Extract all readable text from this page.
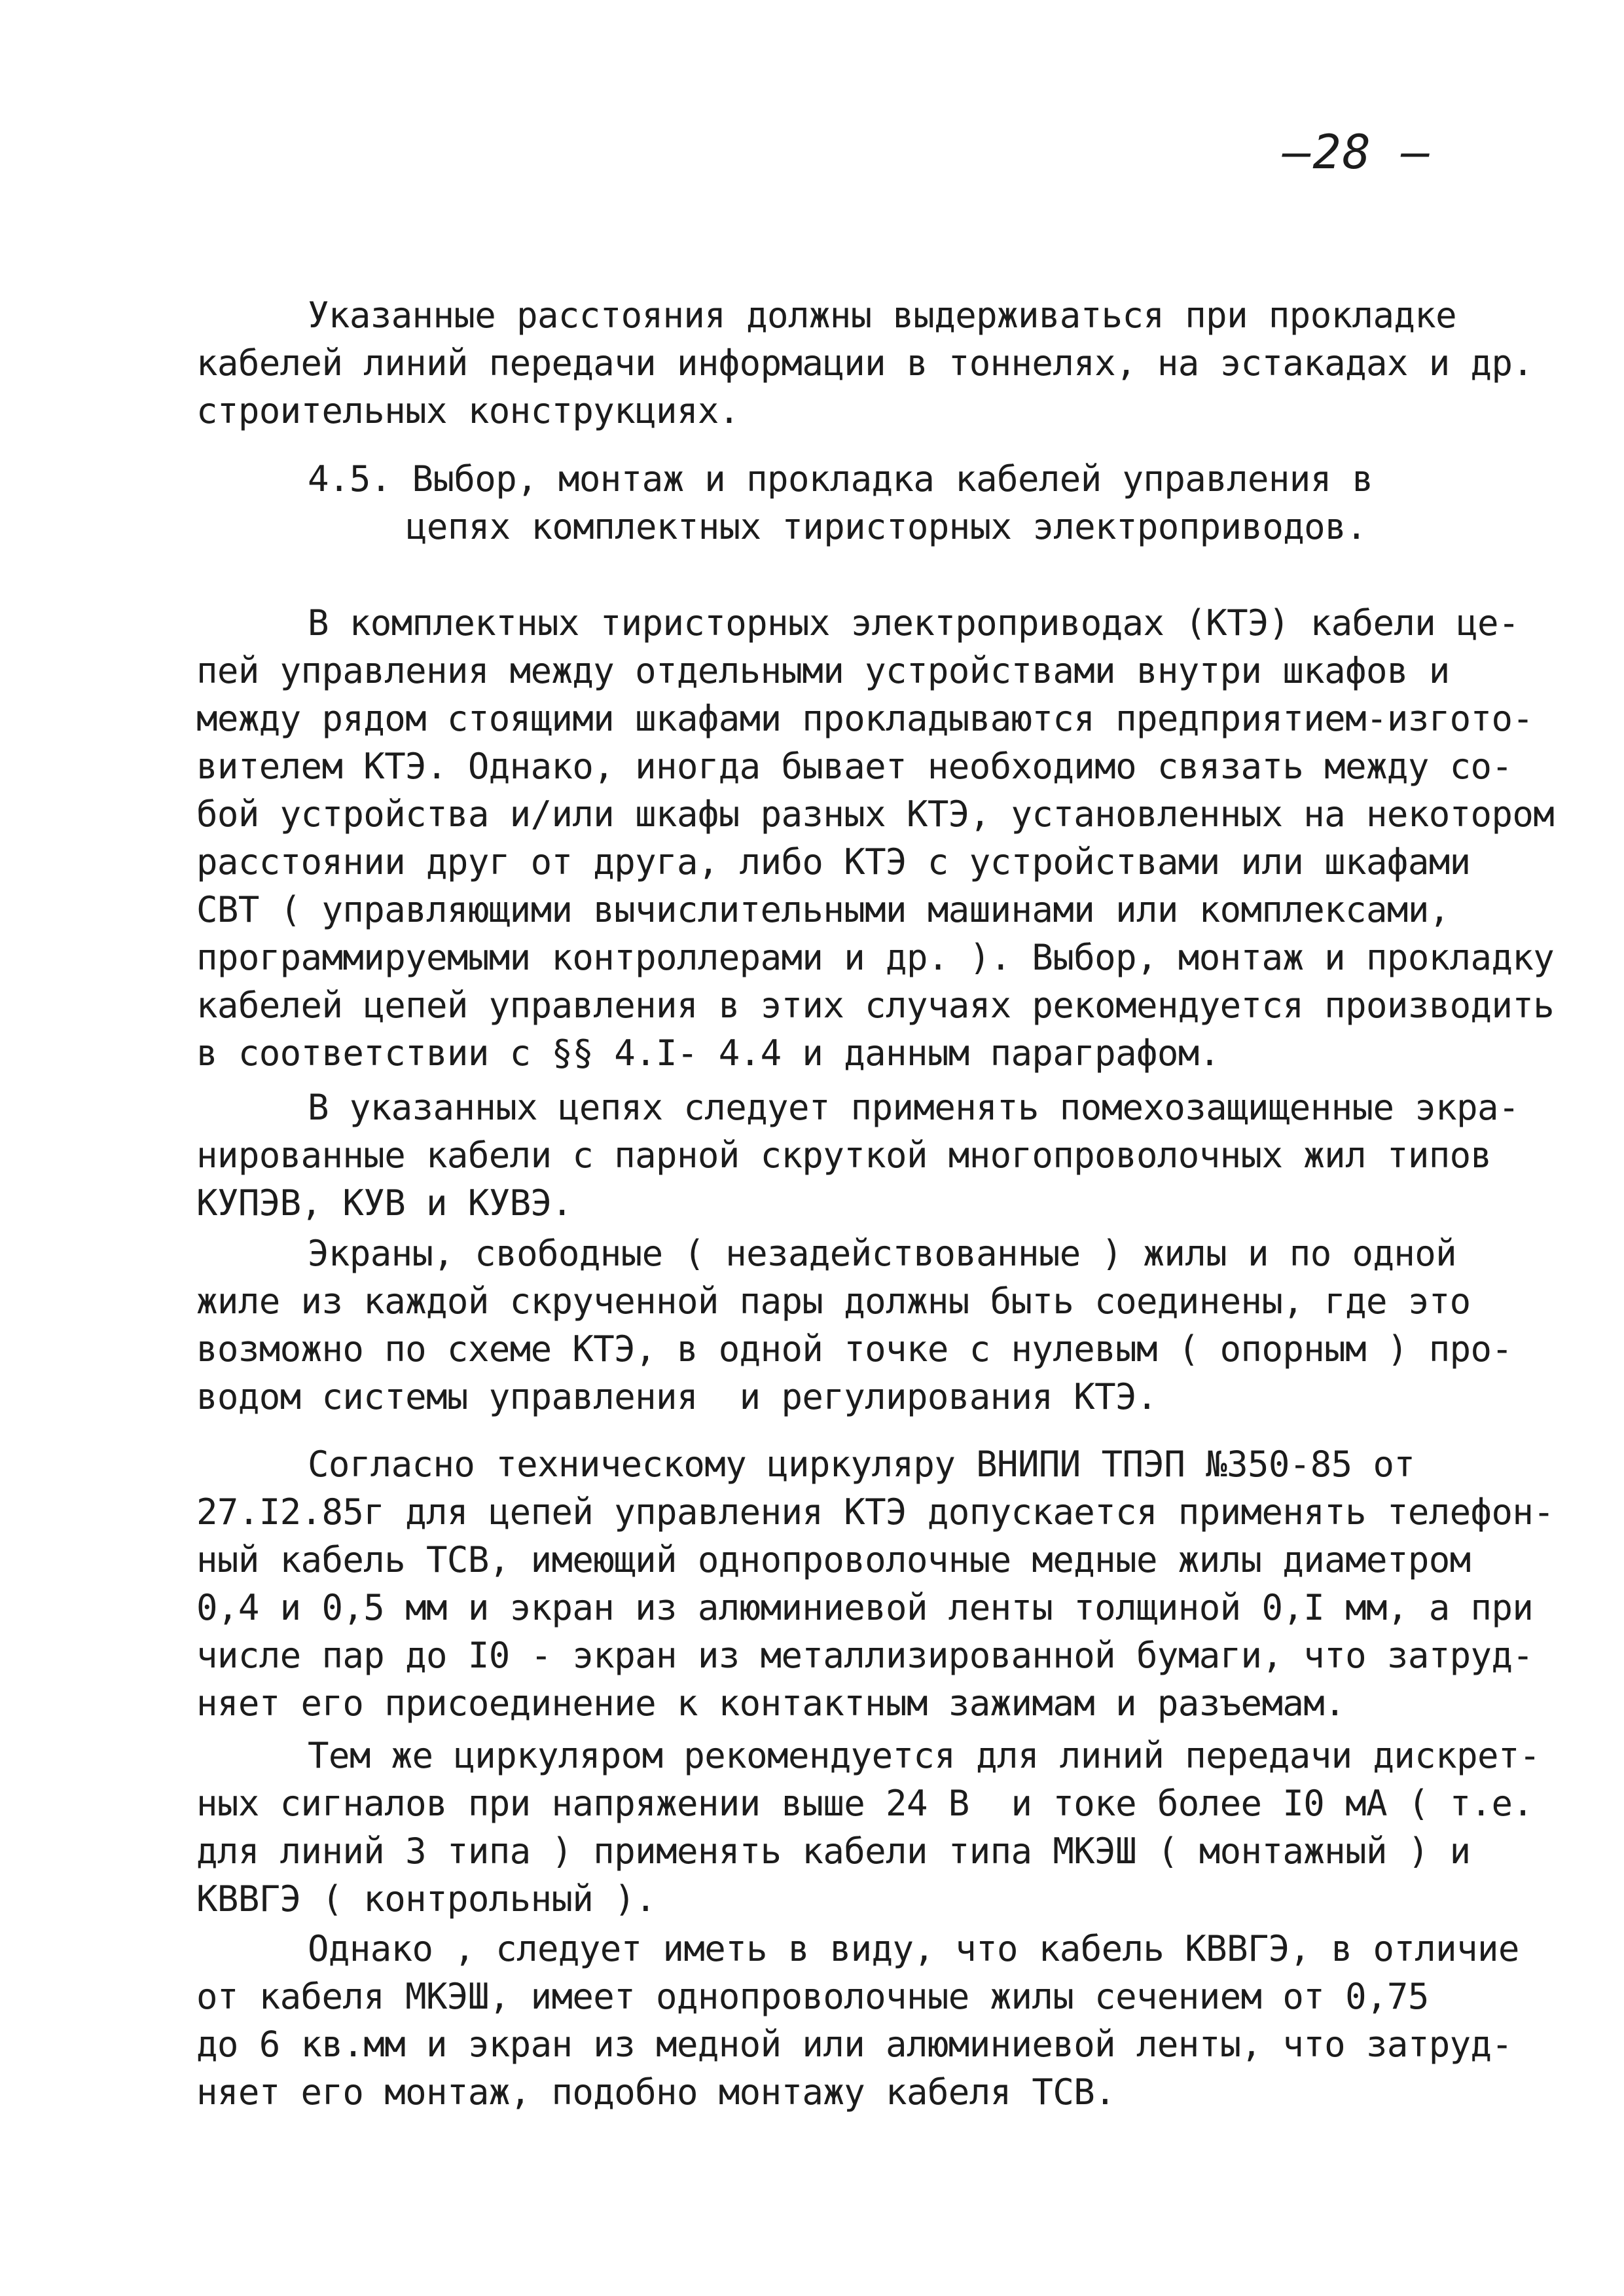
—28 —
Указанные расстояния должны выдерживаться при прокладке
кабелей линий передачи информации в тоннелях, на эстакадах и др.
строительных конструкциях.
4.5. Выбор, монтаж и прокладка кабелей управления в
цепях комплектных тиристорных электроприводов.
В комплектных тиристорных электроприводах (КТЭ) кабели це-
пей управления между отдельными устройствами внутри шкафов и
между рядом стоящими шкафами прокладываются предприятием-изгото-
вителем КТЭ. Однако, иногда бывает необходимо связать между со-
бой устройства и/или шкафы разных КТЭ, установленных на некотором
расстоянии друг от друга, либо КТЭ с устройствами или шкафами
СВТ ( управляющими вычислительными машинами или комплексами,
программируемыми контроллерами и др. ). Выбор, монтаж и прокладку
кабелей цепей управления в этих случаях рекомендуется производить
в соответствии с §§ 4.I- 4.4 и данным параграфом.
В указанных цепях следует применять помехозащищенные экра-
нированные кабели с парной скруткой многопроволочных жил типов
КУПЭВ, КУВ и КУВЭ.
Экраны, свободные ( незадействованные ) жилы и по одной
жиле из каждой скрученной пары должны быть соединены, где это
возможно по схеме КТЭ, в одной точке с нулевым ( опорным ) про-
водом системы управления  и регулирования КТЭ.
Согласно техническому циркуляру ВНИПИ ТПЭП №350-85 от
27.I2.85г для цепей управления КТЭ допускается применять телефон-
ный кабель ТСВ, имеющий однопроволочные медные жилы диаметром
0,4 и 0,5 мм и экран из алюминиевой ленты толщиной 0,I мм, а при
числе пар до I0 - экран из металлизированной бумаги, что затруд-
няет его присоединение к контактным зажимам и разъемам.
Тем же циркуляром рекомендуется для линий передачи дискрет-
ных сигналов при напряжении выше 24 В  и токе более I0 мА ( т.е.
для линий 3 типа ) применять кабели типа МКЭШ ( монтажный ) и
КВВГЭ ( контрольный ).
Однако , следует иметь в виду, что кабель КВВГЭ, в отличие
от кабеля МКЭШ, имеет однопроволочные жилы сечением от 0,75
до 6 кв.мм и экран из медной или алюминиевой ленты, что затруд-
няет его монтаж, подобно монтажу кабеля ТСВ.
